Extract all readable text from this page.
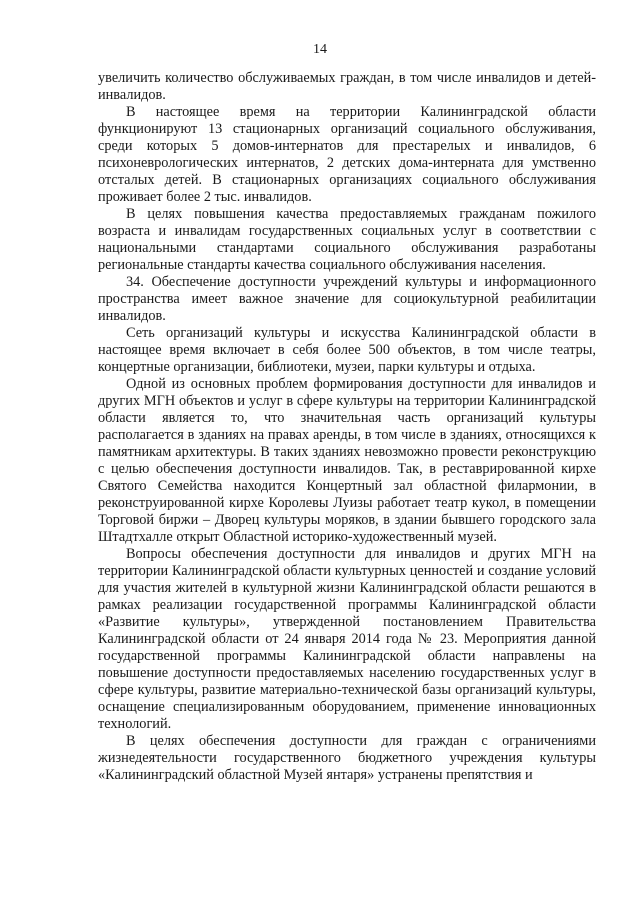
14

увеличить количество обслуживаемых граждан, в том числе инвалидов и детей-инвалидов.

В настоящее время на территории Калининградской области функционируют 13 стационарных организаций социального обслуживания, среди которых 5 домов-интернатов для престарелых и инвалидов, 6 психоневрологических интернатов, 2 детских дома-интерната для умственно отсталых детей. В стационарных организациях социального обслуживания проживает более 2 тыс. инвалидов.

В целях повышения качества предоставляемых гражданам пожилого возраста и инвалидам государственных социальных услуг в соответствии с национальными стандартами социального обслуживания разработаны региональные стандарты качества социального обслуживания населения.

34. Обеспечение доступности учреждений культуры и информационного пространства имеет важное значение для социокультурной реабилитации инвалидов.

Сеть организаций культуры и искусства Калининградской области в настоящее время включает в себя более 500 объектов, в том числе театры, концертные организации, библиотеки, музеи, парки культуры и отдыха.

Одной из основных проблем формирования доступности для инвалидов и других МГН объектов и услуг в сфере культуры на территории Калининградской области является то, что значительная часть организаций культуры располагается в зданиях на правах аренды, в том числе в зданиях, относящихся к памятникам архитектуры. В таких зданиях невозможно провести реконструкцию с целью обеспечения доступности инвалидов. Так, в реставрированной кирхе Святого Семейства находится Концертный зал областной филармонии, в реконструированной кирхе Королевы Луизы работает театр кукол, в помещении Торговой биржи – Дворец культуры моряков, в здании бывшего городского зала Штадтхалле открыт Областной историко-художественный музей.

Вопросы обеспечения доступности для инвалидов и других МГН на территории Калининградской области культурных ценностей и создание условий для участия жителей в культурной жизни Калининградской области решаются в рамках реализации государственной программы Калининградской области «Развитие культуры», утвержденной постановлением Правительства Калининградской области от 24 января 2014 года № 23. Мероприятия данной государственной программы Калининградской области направлены на повышение доступности предоставляемых населению государственных услуг в сфере культуры, развитие материально-технической базы организаций культуры, оснащение специализированным оборудованием, применение инновационных технологий.

В целях обеспечения доступности для граждан с ограничениями жизнедеятельности государственного бюджетного учреждения культуры «Калининградский областной Музей янтаря» устранены препятствия и
